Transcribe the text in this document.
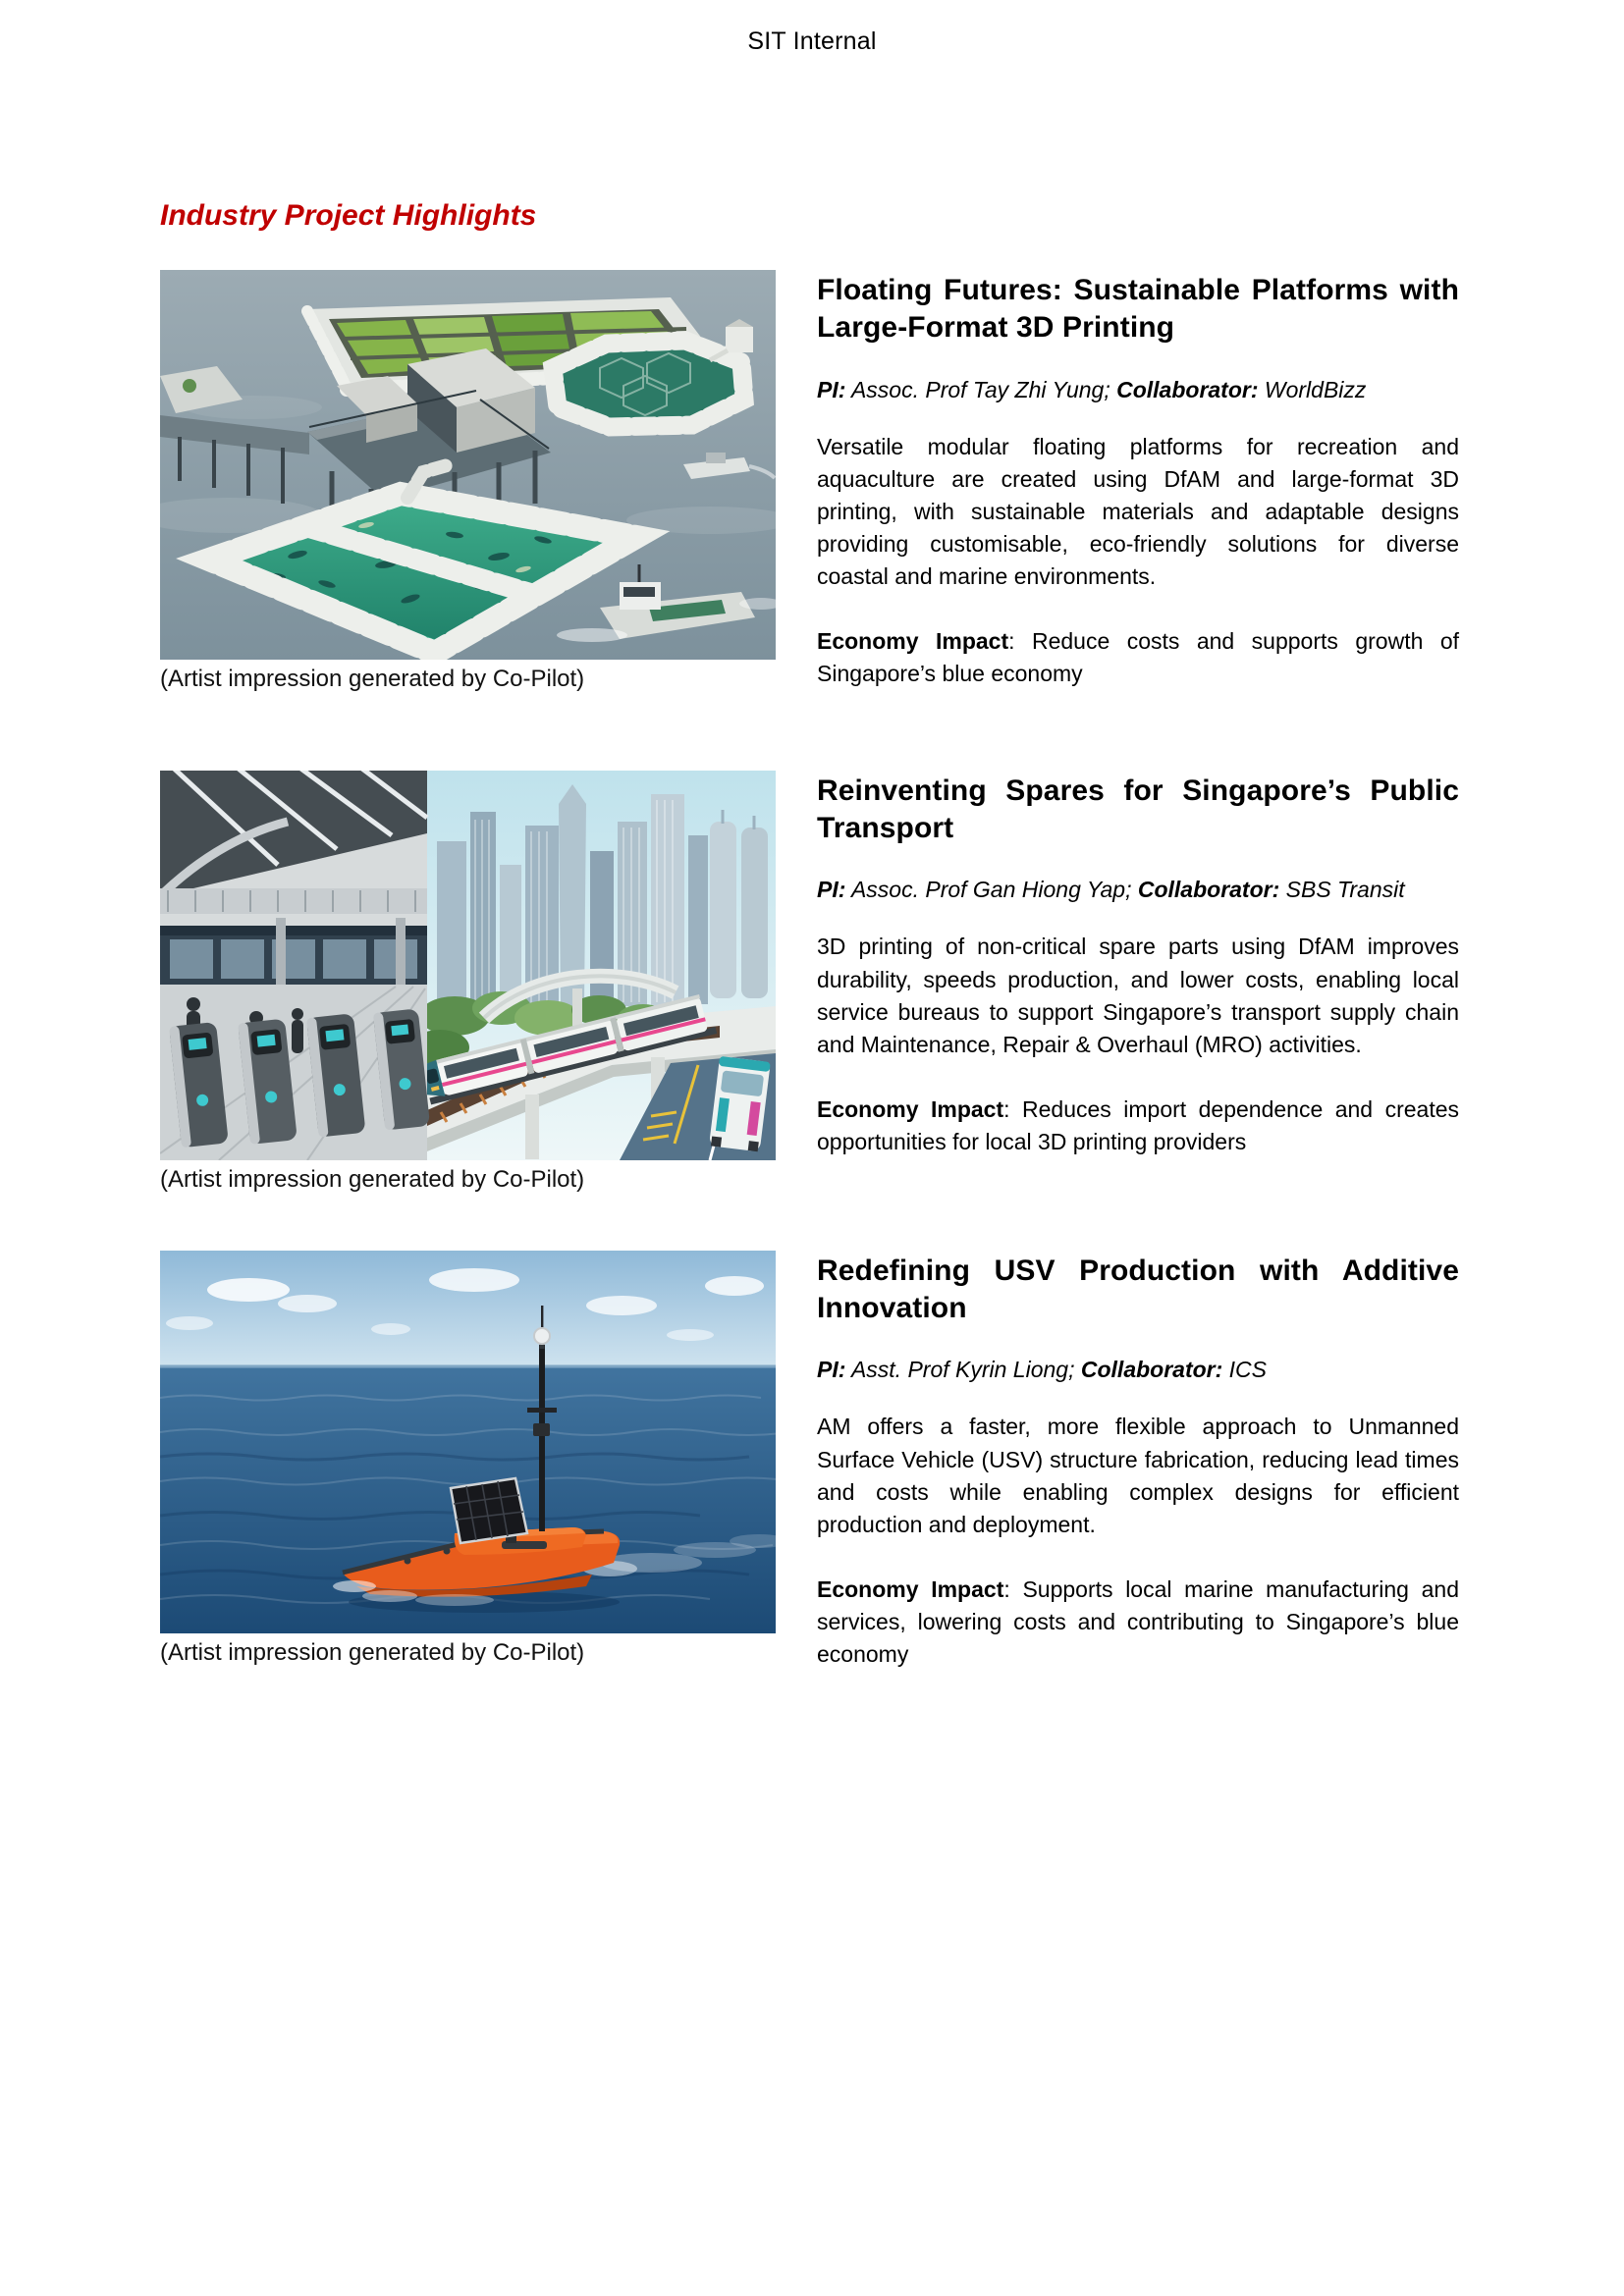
SIT Internal
Industry Project Highlights
(Artist impression generated by Co-Pilot)
Floating Futures: Sustainable Platforms with Large-Format 3D Printing
PI: Assoc. Prof Tay Zhi Yung; Collaborator: WorldBizz

Versatile modular floating platforms for recreation and aquaculture are created using DfAM and large-format 3D printing, with sustainable materials and adaptable designs providing customisable, eco-friendly solutions for diverse coastal and marine environments.

Economy Impact: Reduce costs and supports growth of Singapore’s blue economy

(Artist impression generated by Co-Pilot)
Reinventing Spares for Singapore’s Public Transport
PI: Assoc. Prof Gan Hiong Yap; Collaborator: SBS Transit

3D printing of non-critical spare parts using DfAM improves durability, speeds production, and lower costs, enabling local service bureaus to support Singapore’s transport supply chain and Maintenance, Repair & Overhaul (MRO) activities.

Economy Impact: Reduces import dependence and creates opportunities for local 3D printing providers

(Artist impression generated by Co-Pilot)
Redefining USV Production with Additive Innovation
PI: Asst. Prof Kyrin Liong; Collaborator: ICS

AM offers a faster, more flexible approach to Unmanned Surface Vehicle (USV) structure fabrication, reducing lead times and costs while enabling complex designs for efficient production and deployment.

Economy Impact: Supports local marine manufacturing and services, lowering costs and contributing to Singapore’s blue economy
